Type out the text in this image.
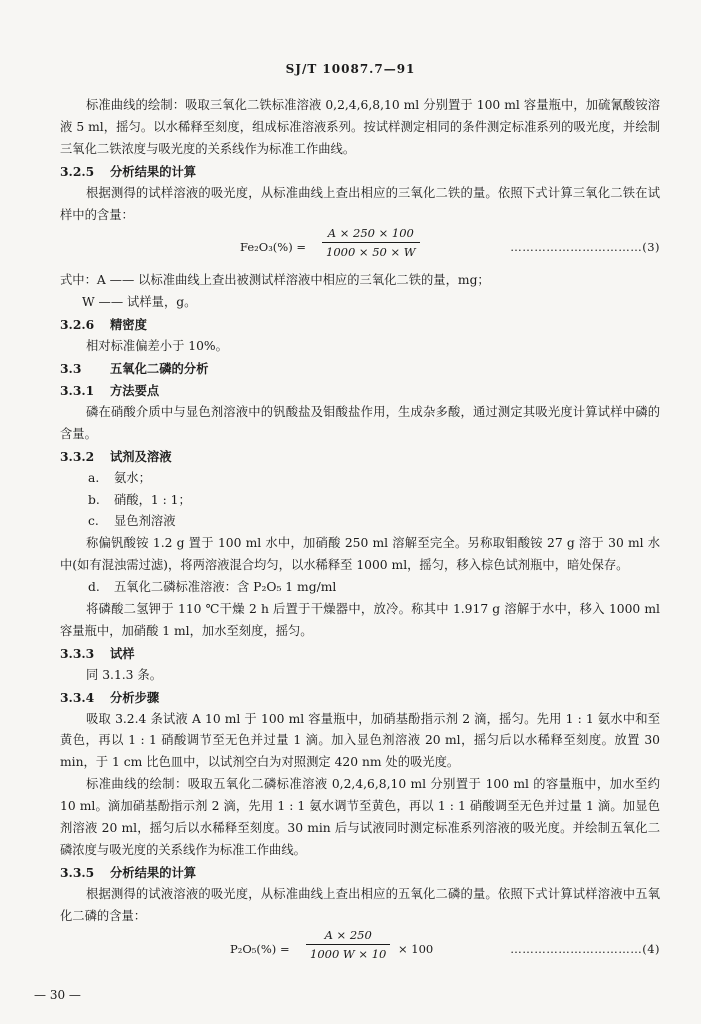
SJ/T 10087.7—91

标准曲线的绘制：吸取三氧化二铁标准溶液 0,2,4,6,8,10 ml 分别置于 100 ml 容量瓶中，加硫氰酸铵溶液 5 ml，摇匀。以水稀释至刻度，组成标准溶液系列。按试样测定相同的条件测定标准系列的吸光度，并绘制三氧化二铁浓度与吸光度的关系线作为标准工作曲线。

3.2.5 分析结果的计算

根据测得的试样溶液的吸光度，从标准曲线上查出相应的三氧化二铁的量。依照下式计算三氧化二铁在试样中的含量：

Fe₂O₃(%) =
A × 250 × 100
1000 × 50 × W	……………………………(3)

式中：A —— 以标准曲线上查出被测试样溶液中相应的三氧化二铁的量，mg；

W —— 试样量，g。

3.2.6 精密度

相对标准偏差小于 10%。

3.3 五氧化二磷的分析

3.3.1 方法要点

磷在硝酸介质中与显色剂溶液中的钒酸盐及钼酸盐作用，生成杂多酸，通过测定其吸光度计算试样中磷的含量。

3.3.2 试剂及溶液

a. 氨水；

b. 硝酸，1 : 1；

c. 显色剂溶液

称偏钒酸铵 1.2 g 置于 100 ml 水中，加硝酸 250 ml 溶解至完全。另称取钼酸铵 27 g 溶于 30 ml 水中(如有混浊需过滤)，将两溶液混合均匀，以水稀释至 1000 ml，摇匀，移入棕色试剂瓶中，暗处保存。

d. 五氧化二磷标准溶液：含 P₂O₅ 1 mg/ml

将磷酸二氢钾于 110 ℃干燥 2 h 后置于干燥器中，放冷。称其中 1.917 g 溶解于水中，移入 1000 ml 容量瓶中，加硝酸 1 ml，加水至刻度，摇匀。

3.3.3 试样

同 3.1.3 条。

3.3.4 分析步骤

吸取 3.2.4 条试液 A 10 ml 于 100 ml 容量瓶中，加硝基酚指示剂 2 滴，摇匀。先用 1 : 1 氨水中和至黄色，再以 1 : 1 硝酸调节至无色并过量 1 滴。加入显色剂溶液 20 ml，摇匀后以水稀释至刻度。放置 30 min，于 1 cm 比色皿中，以试剂空白为对照测定 420 nm 处的吸光度。

标准曲线的绘制：吸取五氧化二磷标准溶液 0,2,4,6,8,10 ml 分别置于 100 ml 的容量瓶中，加水至约 10 ml。滴加硝基酚指示剂 2 滴，先用 1 : 1 氨水调节至黄色，再以 1 : 1 硝酸调至无色并过量 1 滴。加显色剂溶液 20 ml，摇匀后以水稀释至刻度。30 min 后与试液同时测定标准系列溶液的吸光度。并绘制五氧化二磷浓度与吸光度的关系线作为标准工作曲线。

3.3.5 分析结果的计算

根据测得的试液溶液的吸光度，从标准曲线上查出相应的五氧化二磷的量。依照下式计算试样溶液中五氧化二磷的含量：

P₂O₅(%) =
A × 250
1000 W × 10	× 100	……………………………(4)
— 30 —
